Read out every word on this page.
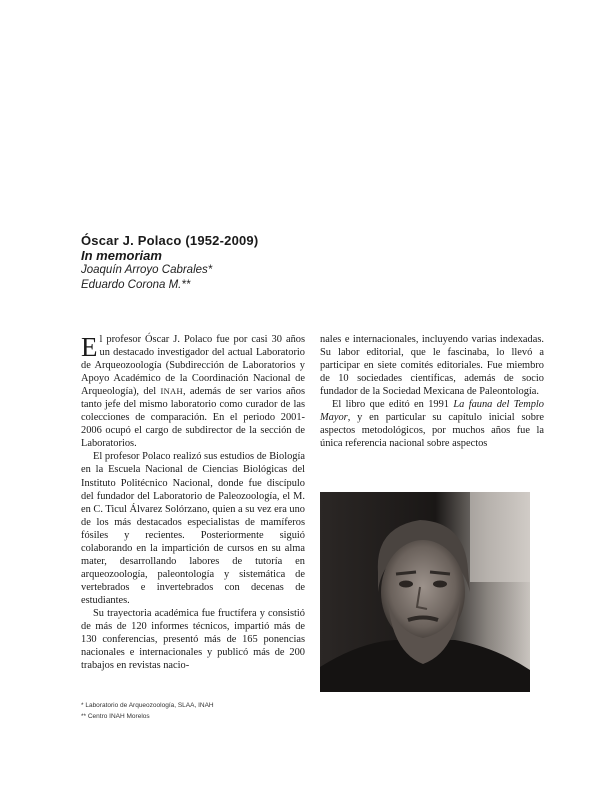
Óscar J. Polaco (1952-2009)

In memoriam

Joaquín Arroyo Cabrales*

Eduardo Corona M.**

El profesor Óscar J. Polaco fue por casi 30 años un destacado investigador del actual Laboratorio de Arqueozoología (Subdirección de Laboratorios y Apoyo Académico de la Coordinación Nacional de Arqueología), del INAH, además de ser varios años tanto jefe del mismo laboratorio como curador de las colecciones de comparación. En el periodo 2001-2006 ocupó el cargo de subdirector de la sección de Laboratorios.

El profesor Polaco realizó sus estudios de Biología en la Escuela Nacional de Ciencias Biológicas del Instituto Politécnico Nacional, donde fue discípulo del fundador del Laboratorio de Paleozoología, el M. en C. Ticul Álvarez Solórzano, quien a su vez era uno de los más destacados especialistas de mamíferos fósiles y recientes. Posteriormente siguió colaborando en la impartición de cursos en su alma mater, desarrollando labores de tutoría en arqueozoología, paleontología y sistemática de vertebrados e invertebrados con decenas de estudiantes.

Su trayectoria académica fue fructífera y consistió de más de 120 informes técnicos, impartió más de 130 conferencias, presentó más de 165 ponencias nacionales e internacionales y publicó más de 200 trabajos en revistas nacio-

nales e internacionales, incluyendo varias indexadas. Su labor editorial, que le fascinaba, lo llevó a participar en siete comités editoriales. Fue miembro de 10 sociedades científicas, además de socio fundador de la Sociedad Mexicana de Paleontología.

El libro que editó en 1991 La fauna del Templo Mayor, y en particular su capítulo inicial sobre aspectos metodológicos, por muchos años fue la única referencia nacional sobre aspectos

* Laboratorio de Arqueozoología, SLAA, INAH

** Centro INAH Morelos
